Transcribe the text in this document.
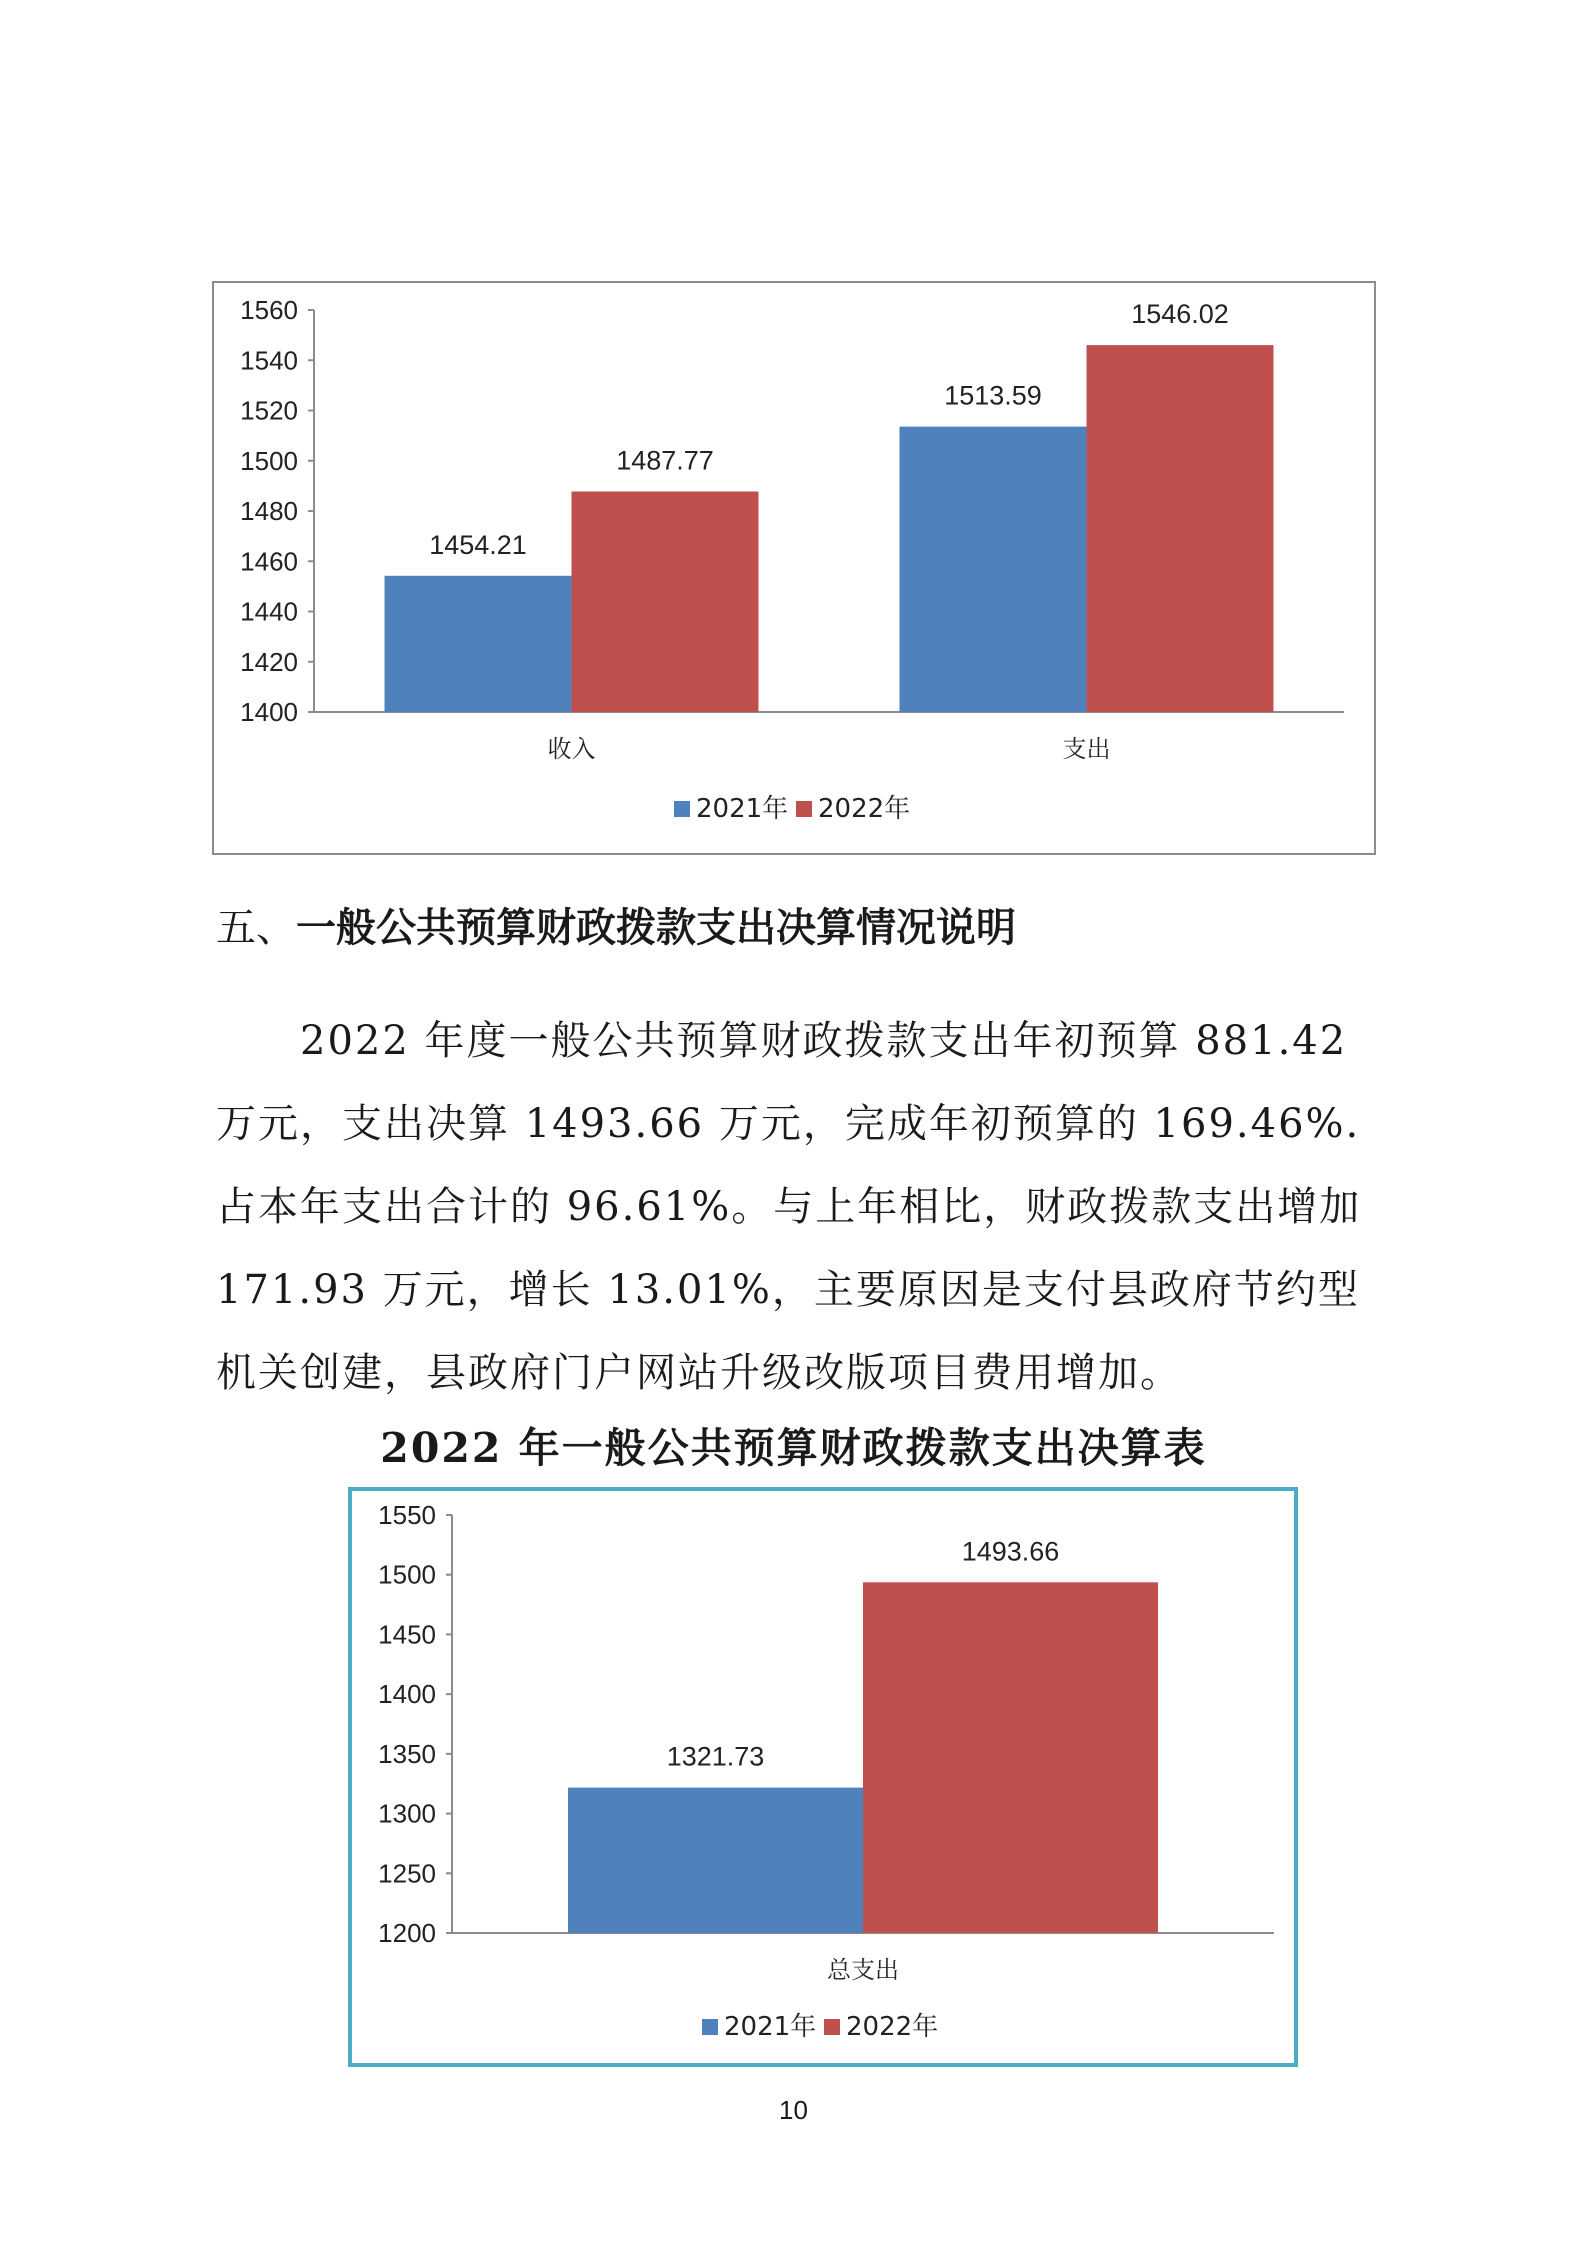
1560
1540
1520
1500
1480
1460
1440
1420
1400
1454.21
1487.77
收入
1513.59
1546.02
支出
2021年 2022年
五、一般公共预算财政拨款支出决算情况说明

2022 年度一般公共预算财政拨款支出年初预算 881.42 万元，支出决算 1493.66 万元，完成年初预算的 169.46%.占本年支出合计的 96.61%。与上年相比，财政拨款支出增加 171.93 万元，增长 13.01%，主要原因是支付县政府节约型机关创建，县政府门户网站升级改版项目费用增加。

2022 年一般公共预算财政拨款支出决算表
1550
1500
1450
1400
1350
1300
1250
1200
1321.73
1493.66
总支出
2021年 2022年
10
